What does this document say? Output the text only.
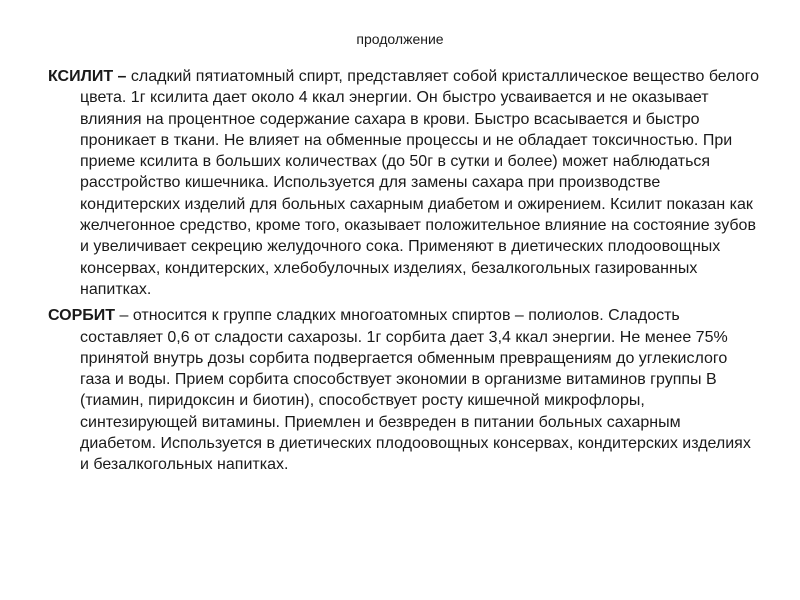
продолжение

КСИЛИТ – сладкий пятиатомный спирт, представляет собой кристаллическое вещество белого цвета. 1г ксилита дает около 4 ккал энергии. Он быстро усваивается и не оказывает влияния на процентное содержание сахара в крови. Быстро всасывается и быстро проникает в ткани. Не влияет на обменные процессы и не обладает токсичностью. При приеме ксилита в больших количествах (до 50г в сутки и более) может наблюдаться расстройство кишечника. Используется для замены сахара при производстве кондитерских изделий для больных сахарным диабетом и ожирением. Ксилит показан как желчегонное средство, кроме того, оказывает положительное влияние на состояние зубов и увеличивает секрецию желудочного сока. Применяют в диетических плодоовощных консервах, кондитерских, хлебобулочных изделиях, безалкогольных газированных напитках.

СОРБИТ – относится к группе сладких многоатомных спиртов – полиолов. Сладость составляет 0,6 от сладости сахарозы. 1г сорбита дает 3,4 ккал энергии. Не менее 75% принятой внутрь дозы сорбита подвергается обменным превращениям до углекислого газа и воды. Прием сорбита способствует экономии в организме витаминов группы В (тиамин, пиридоксин и биотин), способствует росту кишечной микрофлоры, синтезирующей витамины. Приемлен и безвреден в питании больных сахарным диабетом. Используется в диетических плодоовощных консервах, кондитерских изделиях и безалкогольных напитках.
